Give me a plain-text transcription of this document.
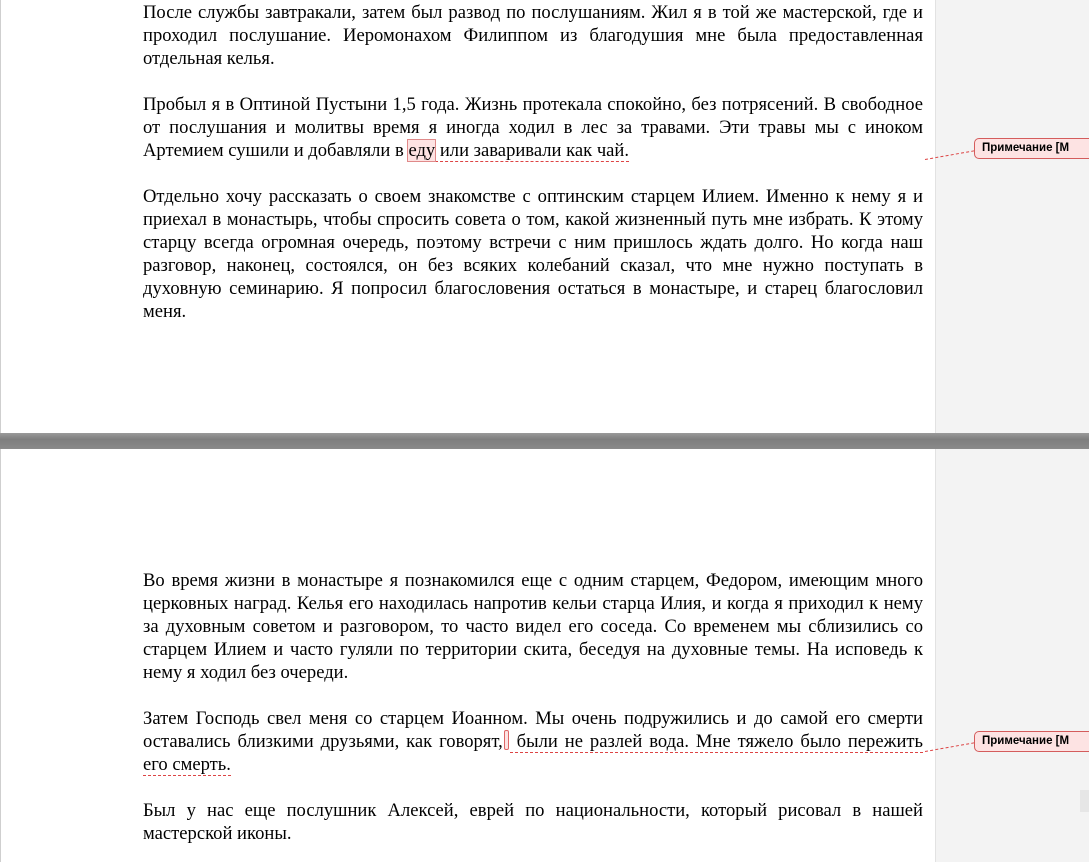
После службы завтракали, затем был развод по послушаниям. Жил я в той же мастерской, где и проходил послушание. Иеромонахом Филиппом из благодушия мне была предоставленная отдельная келья.

Пробыл я в Оптиной Пустыни 1,5 года. Жизнь протекала спокойно, без потрясений. В свободное от послушания и молитвы время я иногда ходил в лес за травами. Эти травы мы с иноком Артемием сушили и добавляли в еду или заваривали как чай.

Отдельно хочу рассказать о своем знакомстве с оптинским старцем Илием. Именно к нему я и приехал в монастырь, чтобы спросить совета о том, какой жизненный путь мне избрать. К этому старцу всегда огромная очередь, поэтому встречи с ним пришлось ждать долго. Но когда наш разговор, наконец, состоялся, он без всяких колебаний сказал, что мне нужно поступать в духовную семинарию. Я попросил благословения остаться в монастыре, и старец благословил меня.

Во время жизни в монастыре я познакомился еще с одним старцем, Федором, имеющим много церковных наград. Келья его находилась напротив кельи старца Илия, и когда я приходил к нему за духовным советом и разговором, то часто видел его соседа. Со временем мы сблизились со старцем Илием и часто гуляли по территории скита, беседуя на духовные темы. На исповедь к нему я ходил без очереди.

Затем Господь свел меня со старцем Иоанном. Мы очень подружились и до самой его смерти оставались близкими друзьями, как говорят, были не разлей вода. Мне тяжело было пережить его смерть.

Был у нас еще послушник Алексей, еврей по национальности, который рисовал в нашей мастерской иконы.

Примечание [M
Примечание [M
